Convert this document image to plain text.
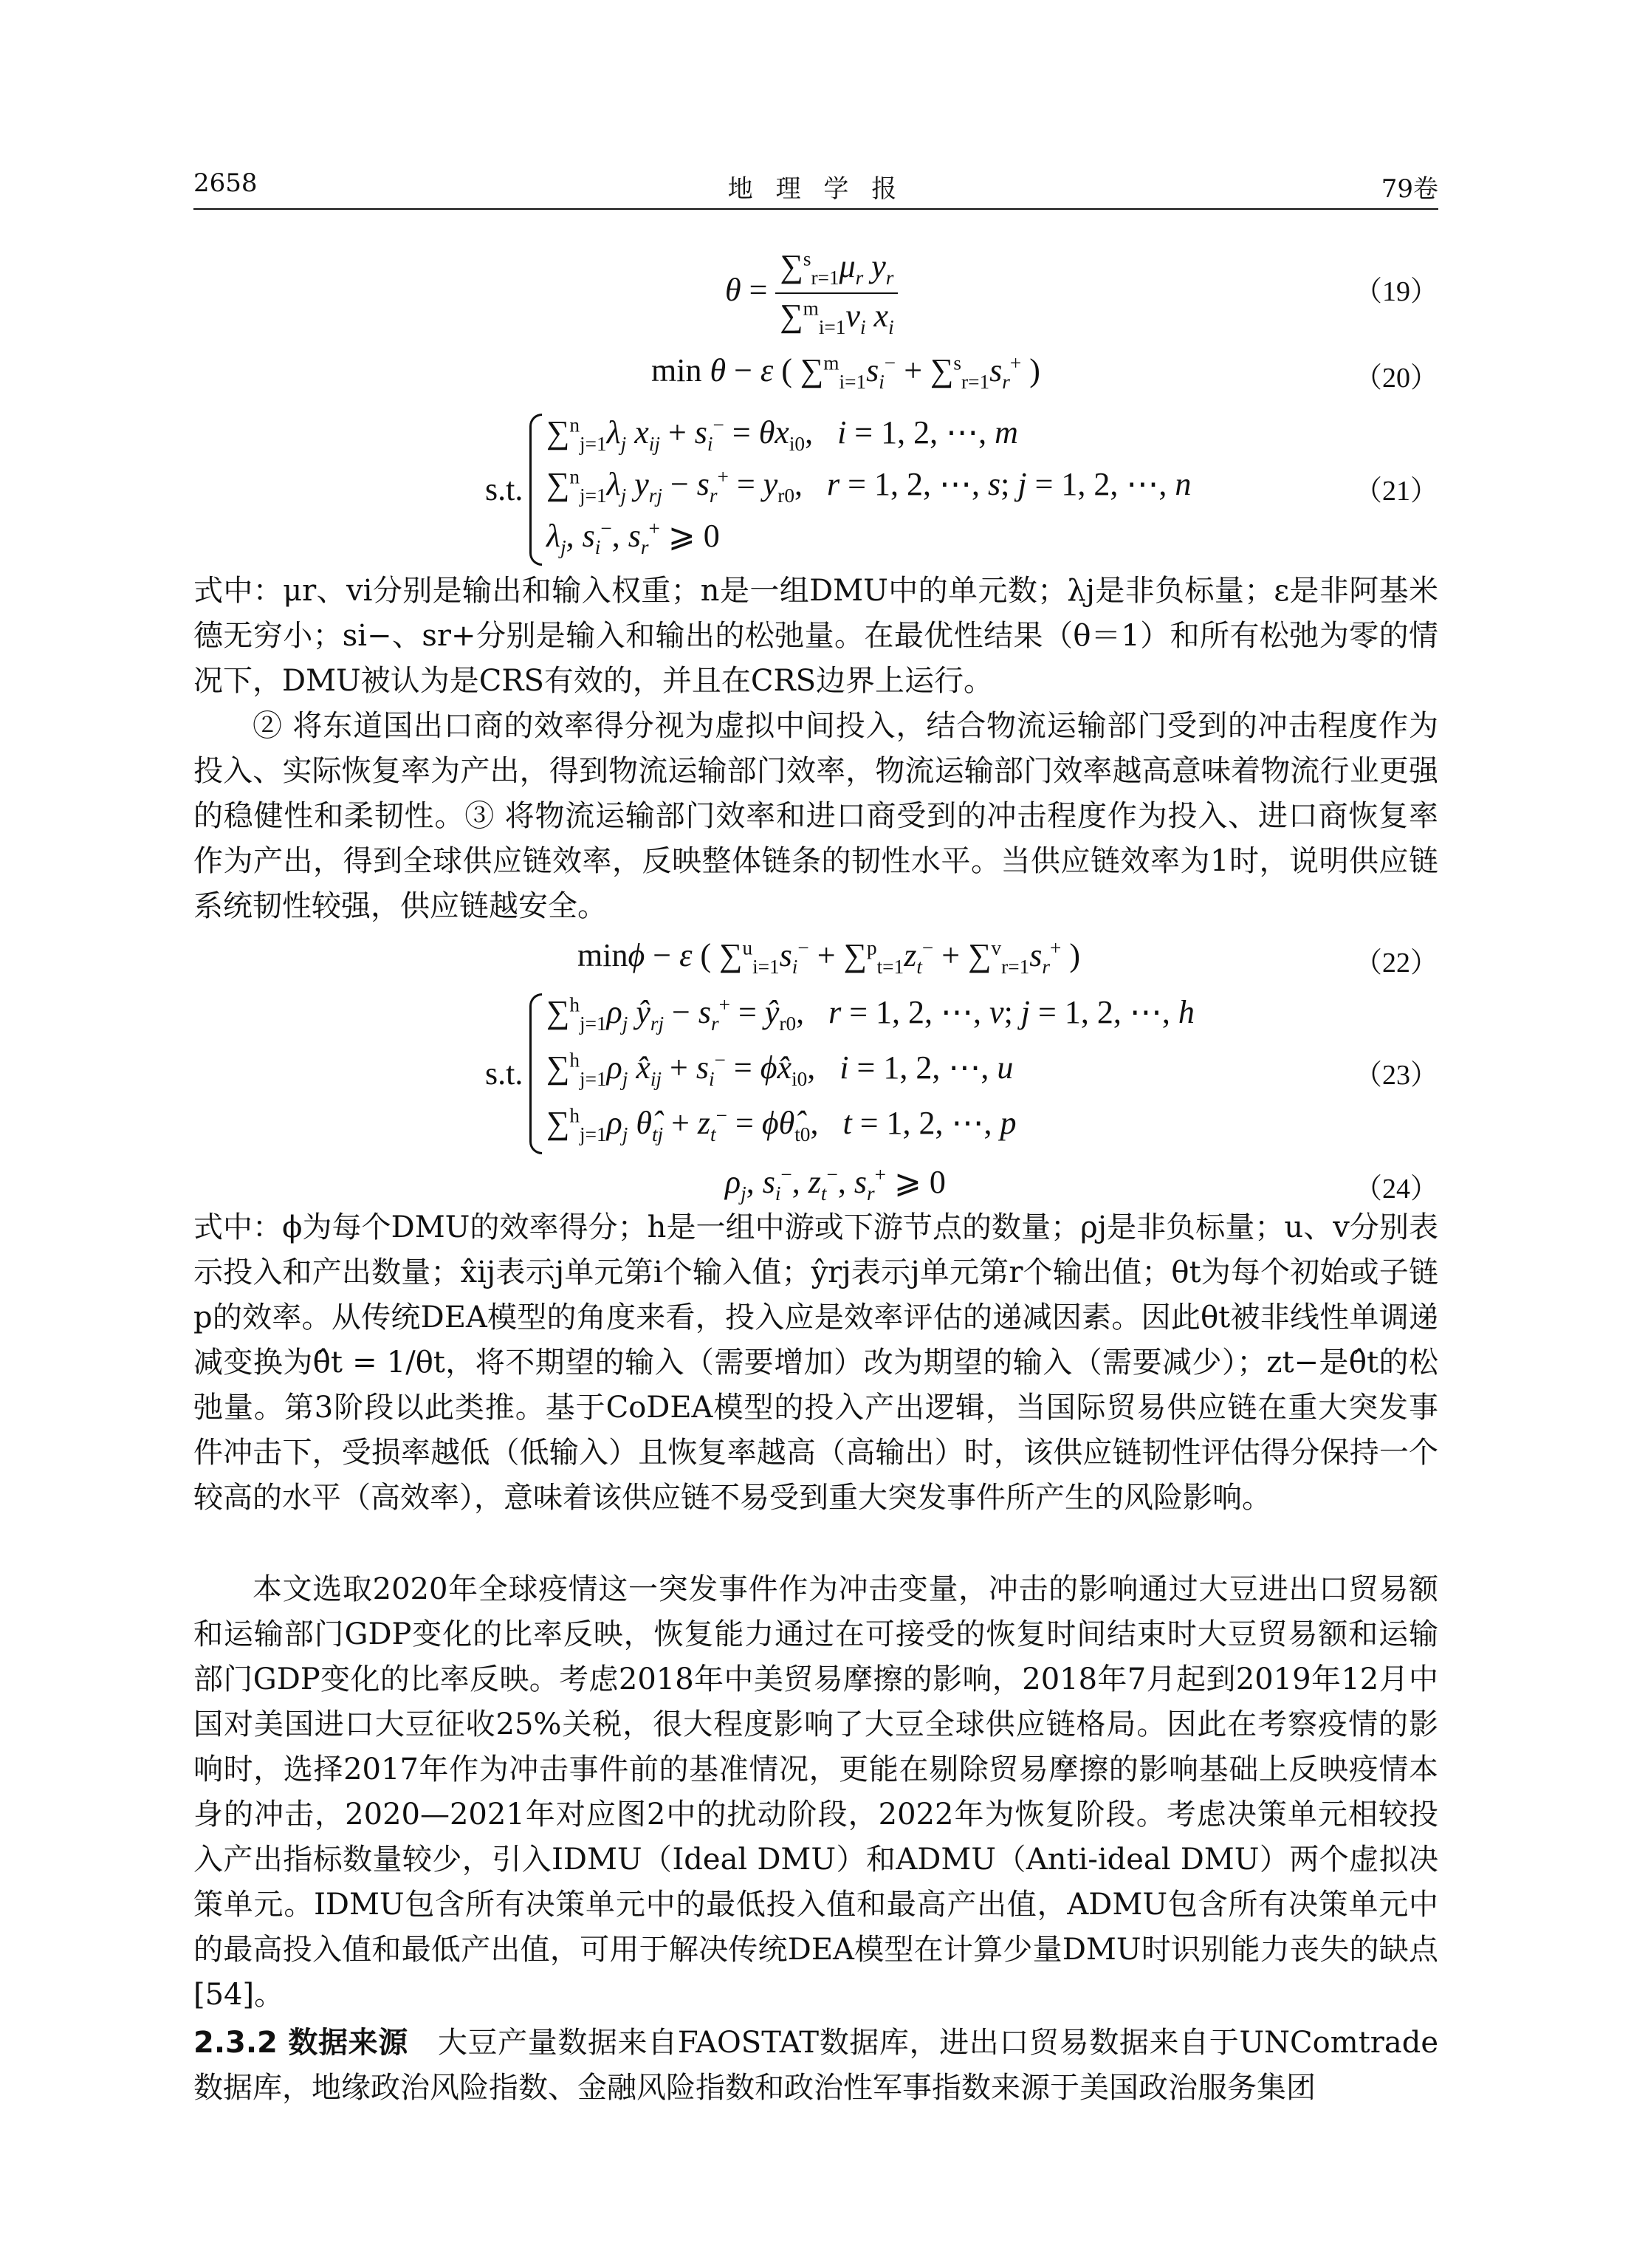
2658	地 理 学 报	79卷
$\theta = \frac{\sum^s_{r=1}\mu_r y_r}{\sum^m_{i=1}v_i x_i}$	（19）
min θ − ε ( $\sum^m_{i=1}s_i^- + \sum^s_{r=1}s_r^+$ )	（20）
s.t.
$\sum^n_{j=1}\lambda_j$ $x_{ij} + s_i^- = \theta x_{i0}$,   i = 1, 2, ⋯, m
$\sum^n_{j=1}\lambda_j$ $y_{rj} - s_r^+ = y_{r0}$,   r = 1, 2, ⋯, s; j = 1, 2, ⋯, n
$\lambda_j$, $s_i^-$, $s_r^+$ ⩾ 0
（21）
式中：μr、vi分别是输出和输入权重；n是一组DMU中的单元数；λj是非负标量；ε是非阿基米德无穷小；si−、sr+分别是输入和输出的松弛量。在最优性结果（θ＝1）和所有松弛为零的情况下，DMU被认为是CRS有效的，并且在CRS边界上运行。
② 将东道国出口商的效率得分视为虚拟中间投入，结合物流运输部门受到的冲击程度作为投入、实际恢复率为产出，得到物流运输部门效率，物流运输部门效率越高意味着物流行业更强的稳健性和柔韧性。③ 将物流运输部门效率和进口商受到的冲击程度作为投入、进口商恢复率作为产出，得到全球供应链效率，反映整体链条的韧性水平。当供应链效率为1时，说明供应链系统韧性较强，供应链越安全。
minϕ − ε ( $\sum^u_{i=1}s_i^- + \sum^p_{t=1}z_t^- + \sum^v_{r=1}s_r^+$ )	（22）
s.t.
$\sum^h_{j=1}\rho_j$ $ŷ_{rj} - s_r^+$ = $ŷ_{r0}$,   r = 1, 2, ⋯, v; j = 1, 2, ⋯, h
$\sum^h_{j=1}\rho_j$ $x̂_{ij} + s_i^-$ = $\phi x̂_{i0}$,   i = 1, 2, ⋯, u
$\sum^h_{j=1}\rho_j$ $\thetâ_{tj} + z_t^-$ = $\phi\thetâ_{t0}$,   t = 1, 2, ⋯, p
（23）
$\rho_j$, $s_i^-$, $z_t^-$, $s_r^+$ ⩾ 0	（24）
式中：ϕ为每个DMU的效率得分；h是一组中游或下游节点的数量；ρj是非负标量；u、v分别表示投入和产出数量；x̂ij表示j单元第i个输入值；ŷrj表示j单元第r个输出值；θt为每个初始或子链p的效率。从传统DEA模型的角度来看，投入应是效率评估的递减因素。因此θt被非线性单调递减变换为θ̂t = 1/θt，将不期望的输入（需要增加）改为期望的输入（需要减少）；zt−是θ̂t的松弛量。第3阶段以此类推。基于CoDEA模型的投入产出逻辑，当国际贸易供应链在重大突发事件冲击下，受损率越低（低输入）且恢复率越高（高输出）时，该供应链韧性评估得分保持一个较高的水平（高效率），意味着该供应链不易受到重大突发事件所产生的风险影响。
本文选取2020年全球疫情这一突发事件作为冲击变量，冲击的影响通过大豆进出口贸易额和运输部门GDP变化的比率反映，恢复能力通过在可接受的恢复时间结束时大豆贸易额和运输部门GDP变化的比率反映。考虑2018年中美贸易摩擦的影响，2018年7月起到2019年12月中国对美国进口大豆征收25%关税，很大程度影响了大豆全球供应链格局。因此在考察疫情的影响时，选择2017年作为冲击事件前的基准情况，更能在剔除贸易摩擦的影响基础上反映疫情本身的冲击，2020—2021年对应图2中的扰动阶段，2022年为恢复阶段。考虑决策单元相较投入产出指标数量较少，引入IDMU（Ideal DMU）和ADMU（Anti-ideal DMU）两个虚拟决策单元。IDMU包含所有决策单元中的最低投入值和最高产出值，ADMU包含所有决策单元中的最高投入值和最低产出值，可用于解决传统DEA模型在计算少量DMU时识别能力丧失的缺点[54]。
2.3.2 数据来源 大豆产量数据来自FAOSTAT数据库，进出口贸易数据来自于UNComtrade数据库，地缘政治风险指数、金融风险指数和政治性军事指数来源于美国政治服务集团
